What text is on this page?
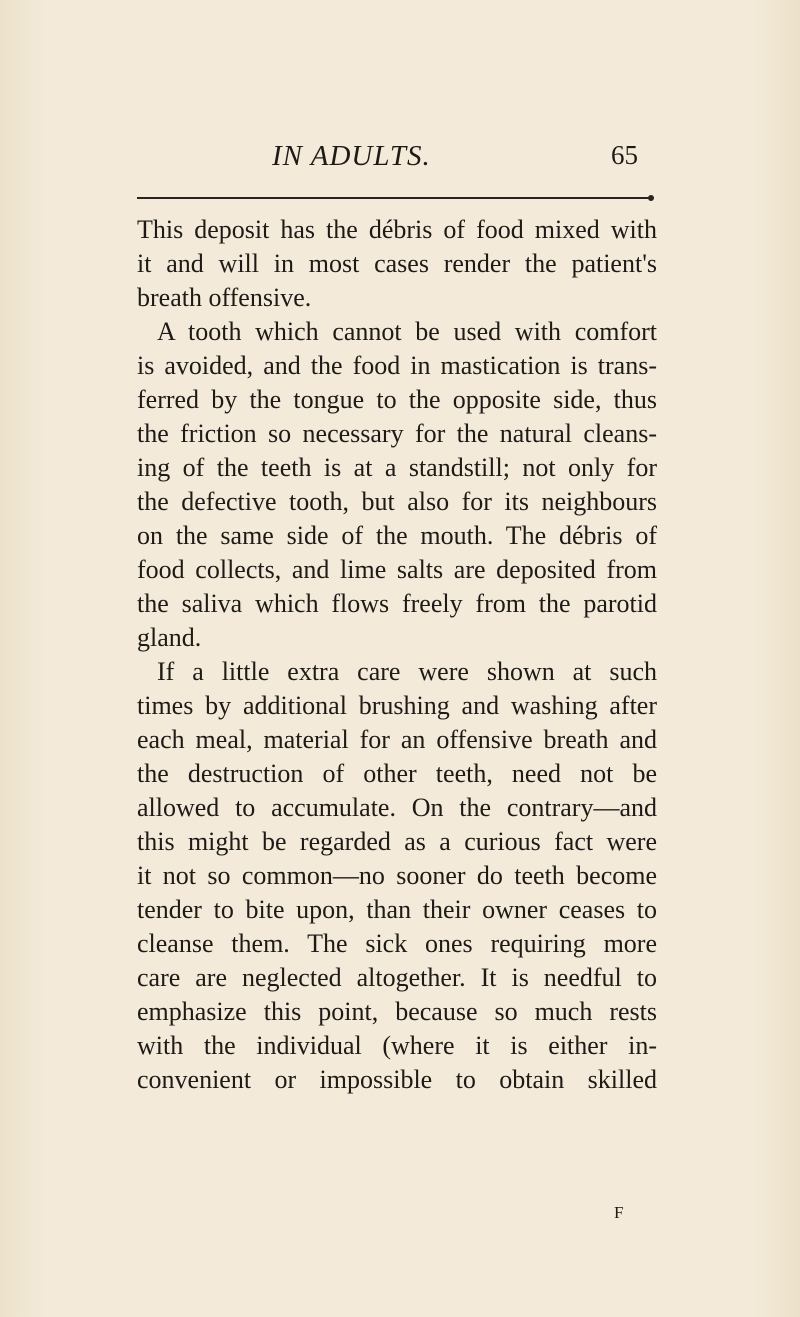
IN ADULTS.	65
This deposit has the débris of food mixed with
it and will in most cases render the patient's
breath offensive.
A tooth which cannot be used with comfort
is avoided, and the food in mastication is trans-
ferred by the tongue to the opposite side, thus
the friction so necessary for the natural cleans-
ing of the teeth is at a standstill; not only for
the defective tooth, but also for its neighbours
on the same side of the mouth. The débris of
food collects, and lime salts are deposited from
the saliva which flows freely from the parotid
gland.
If a little extra care were shown at such
times by additional brushing and washing after
each meal, material for an offensive breath and
the destruction of other teeth, need not be
allowed to accumulate. On the contrary—and
this might be regarded as a curious fact were
it not so common—no sooner do teeth become
tender to bite upon, than their owner ceases to
cleanse them. The sick ones requiring more
care are neglected altogether. It is needful to
emphasize this point, because so much rests
with the individual (where it is either in-
convenient or impossible to obtain skilled
F
